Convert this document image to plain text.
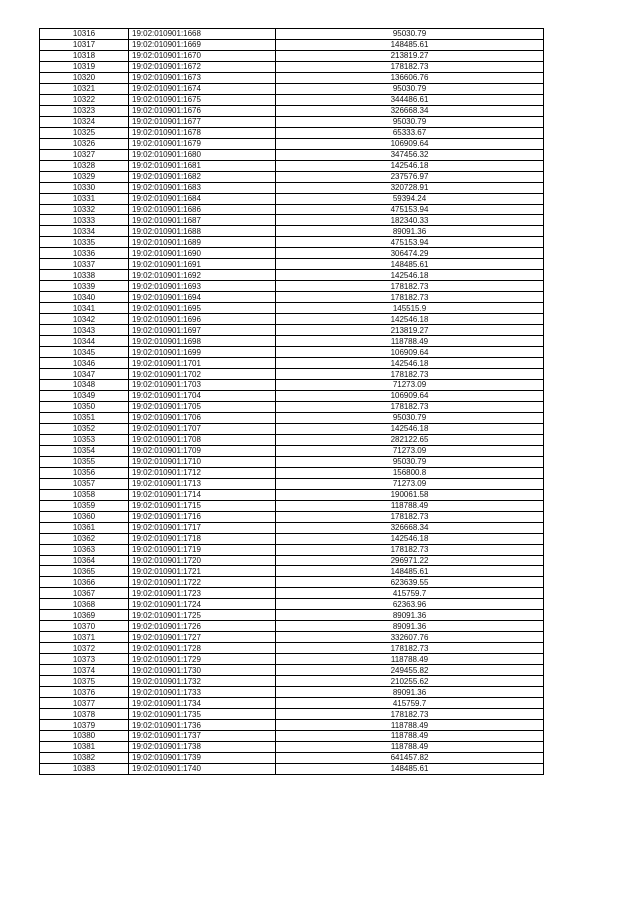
10316	19:02:010901:1668	95030.79
10317	19:02:010901:1669	148485.61
10318	19:02:010901:1670	213819.27
10319	19:02:010901:1672	178182.73
10320	19:02:010901:1673	136606.76
10321	19:02:010901:1674	95030.79
10322	19:02:010901:1675	344486.61
10323	19:02:010901:1676	326668.34
10324	19:02:010901:1677	95030.79
10325	19:02:010901:1678	65333.67
10326	19:02:010901:1679	106909.64
10327	19:02:010901:1680	347456.32
10328	19:02:010901:1681	142546.18
10329	19:02:010901:1682	237576.97
10330	19:02:010901:1683	320728.91
10331	19:02:010901:1684	59394.24
10332	19:02:010901:1686	475153.94
10333	19:02:010901:1687	182340.33
10334	19:02:010901:1688	89091.36
10335	19:02:010901:1689	475153.94
10336	19:02:010901:1690	306474.29
10337	19:02:010901:1691	148485.61
10338	19:02:010901:1692	142546.18
10339	19:02:010901:1693	178182.73
10340	19:02:010901:1694	178182.73
10341	19:02:010901:1695	145515.9
10342	19:02:010901:1696	142546.18
10343	19:02:010901:1697	213819.27
10344	19:02:010901:1698	118788.49
10345	19:02:010901:1699	106909.64
10346	19:02:010901:1701	142546.18
10347	19:02:010901:1702	178182.73
10348	19:02:010901:1703	71273.09
10349	19:02:010901:1704	106909.64
10350	19:02:010901:1705	178182.73
10351	19:02:010901:1706	95030.79
10352	19:02:010901:1707	142546.18
10353	19:02:010901:1708	282122.65
10354	19:02:010901:1709	71273.09
10355	19:02:010901:1710	95030.79
10356	19:02:010901:1712	156800.8
10357	19:02:010901:1713	71273.09
10358	19:02:010901:1714	190061.58
10359	19:02:010901:1715	118788.49
10360	19:02:010901:1716	178182.73
10361	19:02:010901:1717	326668.34
10362	19:02:010901:1718	142546.18
10363	19:02:010901:1719	178182.73
10364	19:02:010901:1720	296971.22
10365	19:02:010901:1721	148485.61
10366	19:02:010901:1722	623639.55
10367	19:02:010901:1723	415759.7
10368	19:02:010901:1724	62363.96
10369	19:02:010901:1725	89091.36
10370	19:02:010901:1726	89091.36
10371	19:02:010901:1727	332607.76
10372	19:02:010901:1728	178182.73
10373	19:02:010901:1729	118788.49
10374	19:02:010901:1730	249455.82
10375	19:02:010901:1732	210255.62
10376	19:02:010901:1733	89091.36
10377	19:02:010901:1734	415759.7
10378	19:02:010901:1735	178182.73
10379	19:02:010901:1736	118788.49
10380	19:02:010901:1737	118788.49
10381	19:02:010901:1738	118788.49
10382	19:02:010901:1739	641457.82
10383	19:02:010901:1740	148485.61
